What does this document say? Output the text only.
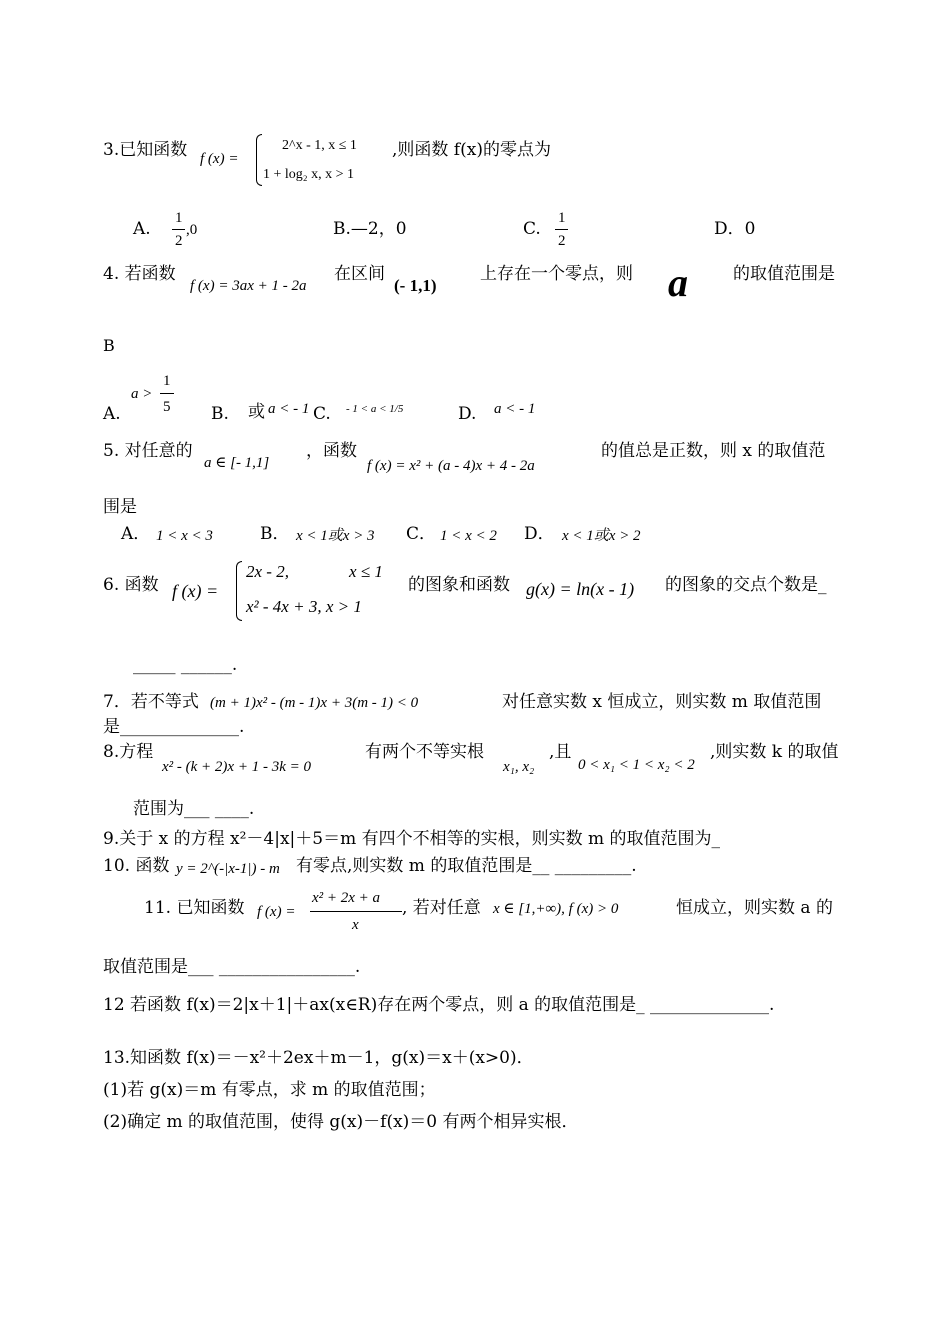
3.已知函数 f (x) =
2^x - 1, x ≤ 1
1 + log₂ x, x > 1
,则函数 f(x)的零点为
A.
1
2
,0	B.—2，0	C.
1
2
D．0
4. 若函数
f (x) = 3ax + 1 - 2a
在区间
(- 1,1)
上存在一个零点，则 a	的取值范围是
B
A.
a >
1
5 B. 或 a < - 1 C. - 1 < a < 1/5	D. a < - 1
5. 对任意的
a ∈ [- 1,1]
，函数
f (x) = x² + (a - 4)x + 4 - 2a
的值总是正数，则 x 的取值范
围是
A． 1 < x < 3	B． x < 1或x > 3 C． 1 < x < 2 D． x < 1或x > 2
6. 函数 f (x) =
2x - 2,	x ≤ 1
x² - 4x + 3, x > 1
的图象和函数 g(x) = ln(x - 1) 的图象的交点个数是_
_____ ______.
7．若不等式 (m + 1)x² - (m - 1)x + 3(m - 1) < 0	对任意实数 x 恒成立，则实数 m 取值范围
是______________.
8.方程
x² - (k + 2)x + 1 - 3k = 0
有两个不等实根
x₁, x₂
,且
0 < x₁ < 1 < x₂ < 2
,则实数 k 的取值
范围为___ ____.
9.关于 x 的方程 x²－4|x|＋5＝m 有四个不相等的实根，则实数 m 的取值范围为_
10. 函数 y = 2^(-|x-1|) - m 有零点,则实数 m 的取值范围是__ _________.
11. 已知函数 f (x) =
x² + 2x + a
x
, 若对任意 x ∈ [1,+∞), f (x) > 0	恒成立，则实数 a 的
取值范围是___ ________________.
12 若函数 f(x)＝2|x＋1|＋ax(x∈R)存在两个零点，则 a 的取值范围是_ ______________.
13.知函数 f(x)＝－x²＋2ex＋m－1，g(x)＝x＋(x>0)．
(1)若 g(x)＝m 有零点，求 m 的取值范围；
(2)确定 m 的取值范围，使得 g(x)－f(x)＝0 有两个相异实根．
